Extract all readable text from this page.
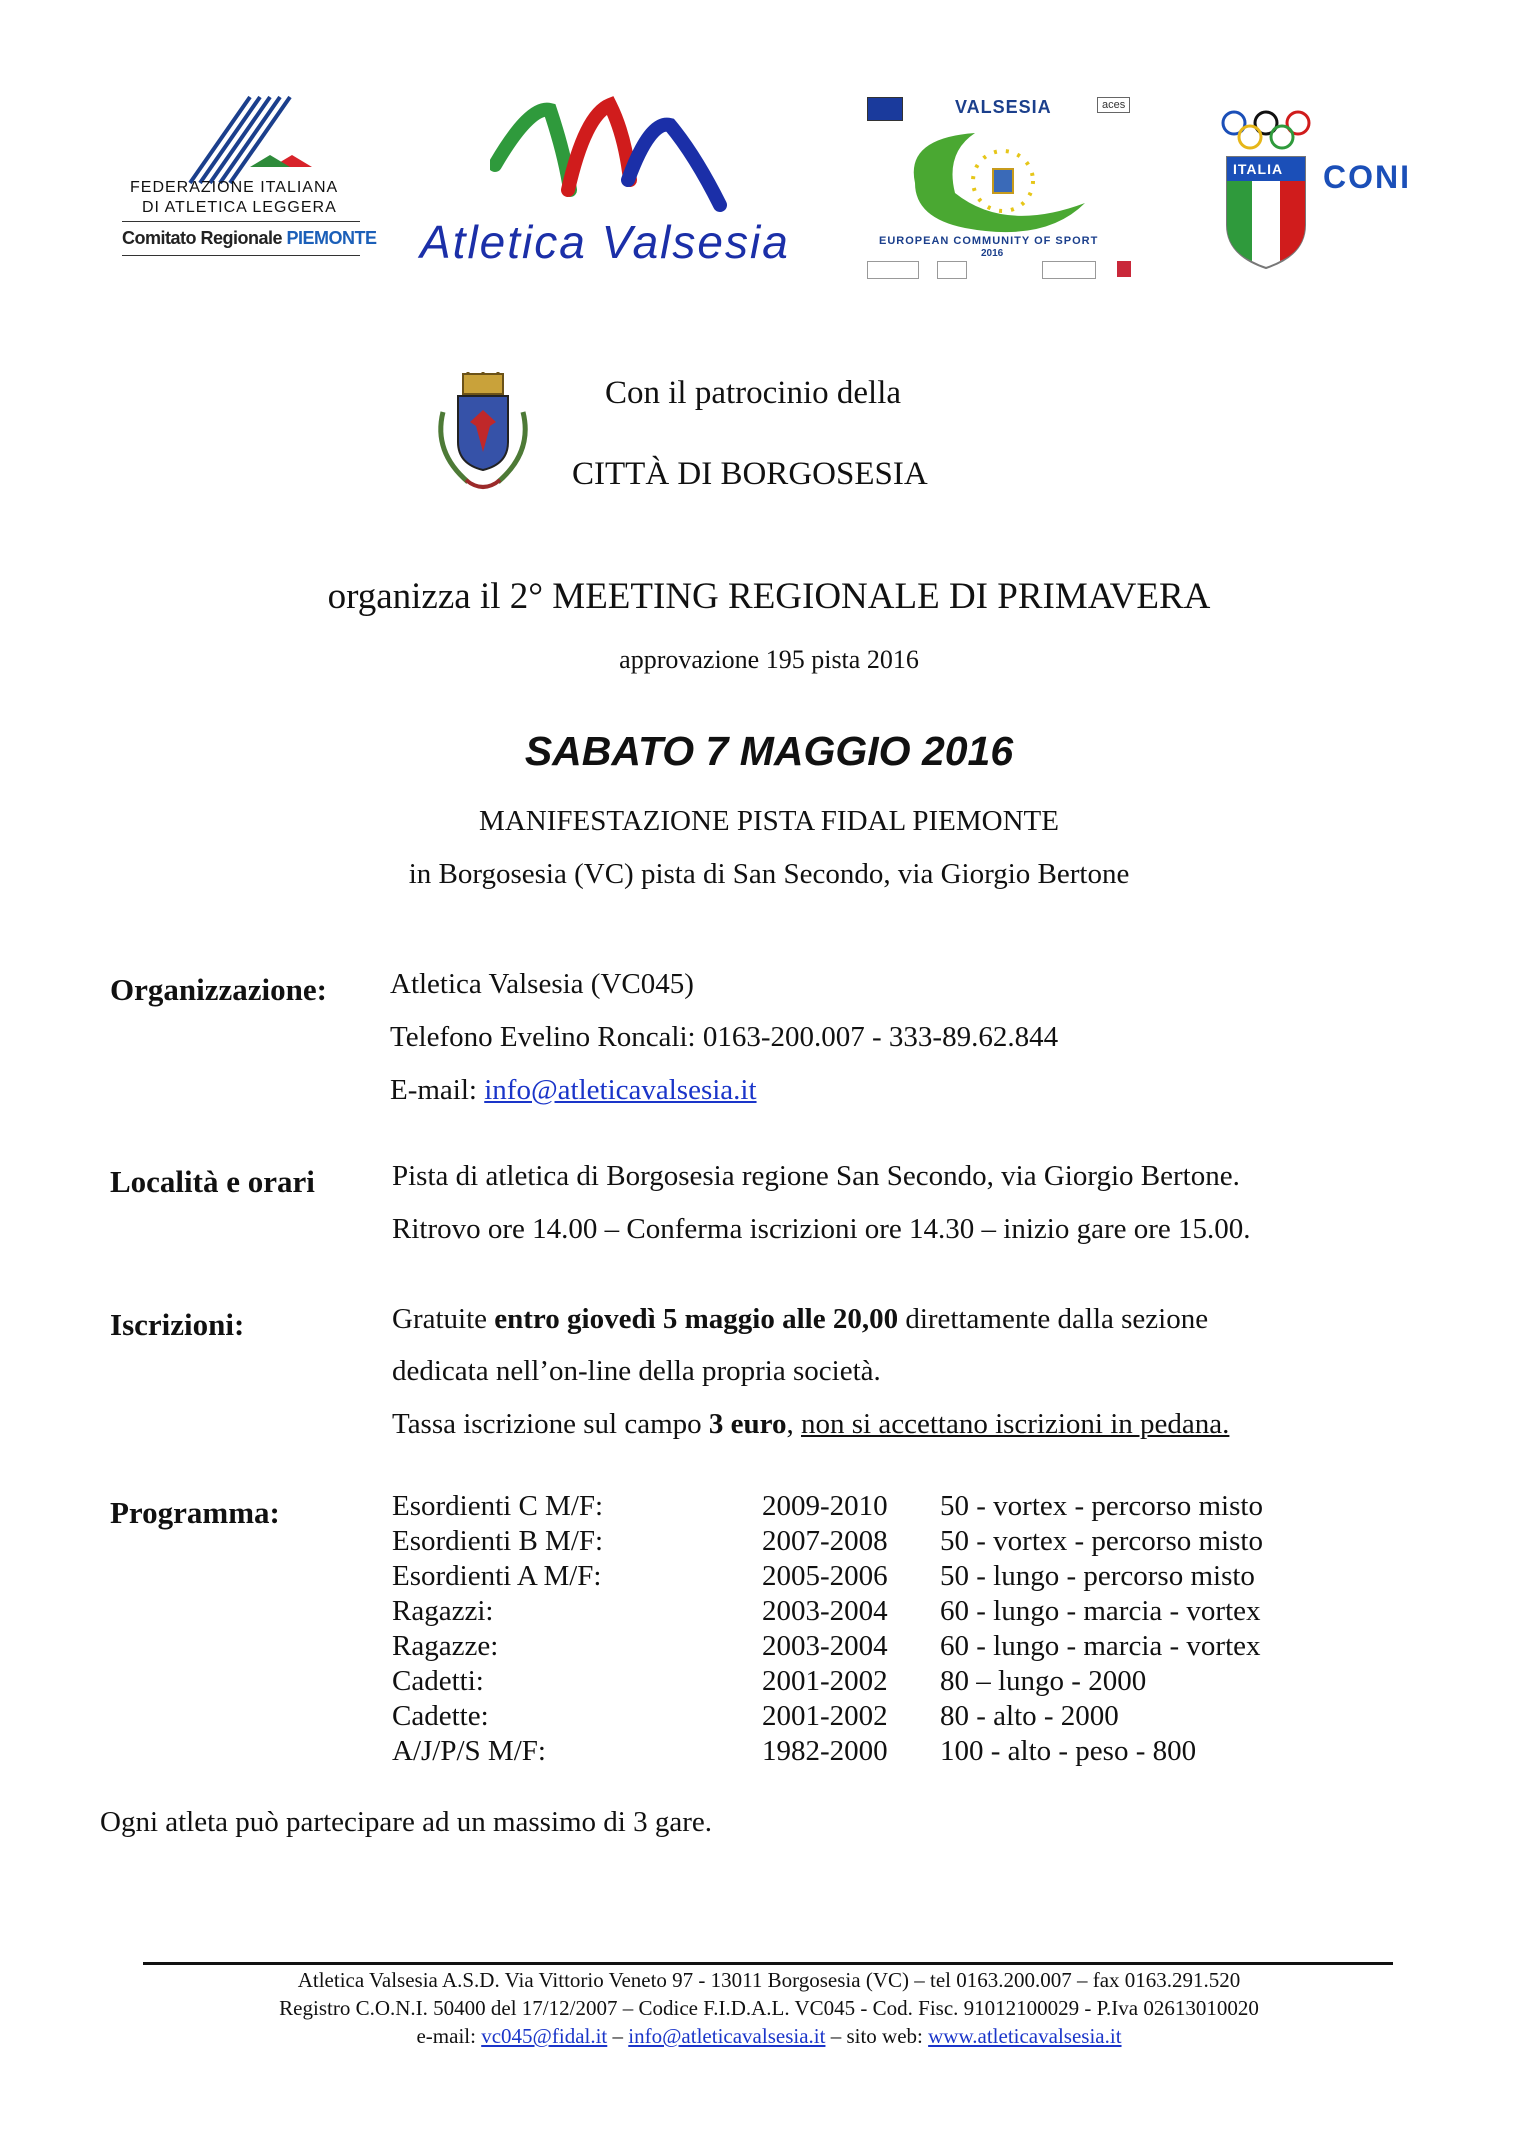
FEDERAZIONE ITALIANA
DI ATLETICA LEGGERA
Comitato Regionale PIEMONTE Atletica Valsesia
VALSESIA	aces
EUROPEAN COMMUNITY OF SPORT
2016
ITALIA CONI
Con il patrocinio della
CITTÀ DI BORGOSESIA
organizza il 2° MEETING REGIONALE DI PRIMAVERA
approvazione 195 pista 2016
SABATO 7 MAGGIO 2016
MANIFESTAZIONE PISTA FIDAL PIEMONTE
in Borgosesia (VC) pista di San Secondo, via Giorgio Bertone
Organizzazione: Atletica Valsesia (VC045)
Telefono Evelino Roncali: 0163-200.007 - 333-89.62.844
E-mail: info@atleticavalsesia.it
Località e orari	Pista di atletica di Borgosesia regione San Secondo, via Giorgio Bertone.
Ritrovo ore 14.00 – Conferma iscrizioni ore 14.30 – inizio gare ore 15.00.
Iscrizioni:	Gratuite entro giovedì 5 maggio alle 20,00 direttamente dalla sezione
dedicata nell’on-line della propria società.
Tassa iscrizione sul campo 3 euro, non si accettano iscrizioni in pedana.
Programma:	Esordienti C M/F:	2009-2010 50 - vortex - percorso misto
Esordienti B M/F:	2007-2008 50 - vortex - percorso misto
Esordienti A M/F:	2005-2006 50 - lungo - percorso misto
Ragazzi:	2003-2004 60 - lungo - marcia - vortex
Ragazze:	2003-2004 60 - lungo - marcia - vortex
Cadetti:	2001-2002 80 – lungo - 2000
Cadette:	2001-2002 80 - alto - 2000
A/J/P/S M/F:	1982-2000 100 - alto - peso - 800
Ogni atleta può partecipare ad un massimo di 3 gare.
Atletica Valsesia A.S.D. Via Vittorio Veneto 97 - 13011 Borgosesia (VC) – tel 0163.200.007 – fax 0163.291.520
Registro C.O.N.I. 50400 del 17/12/2007 – Codice F.I.D.A.L. VC045 - Cod. Fisc. 91012100029 - P.Iva 02613010020
e-mail: vc045@fidal.it – info@atleticavalsesia.it – sito web: www.atleticavalsesia.it
